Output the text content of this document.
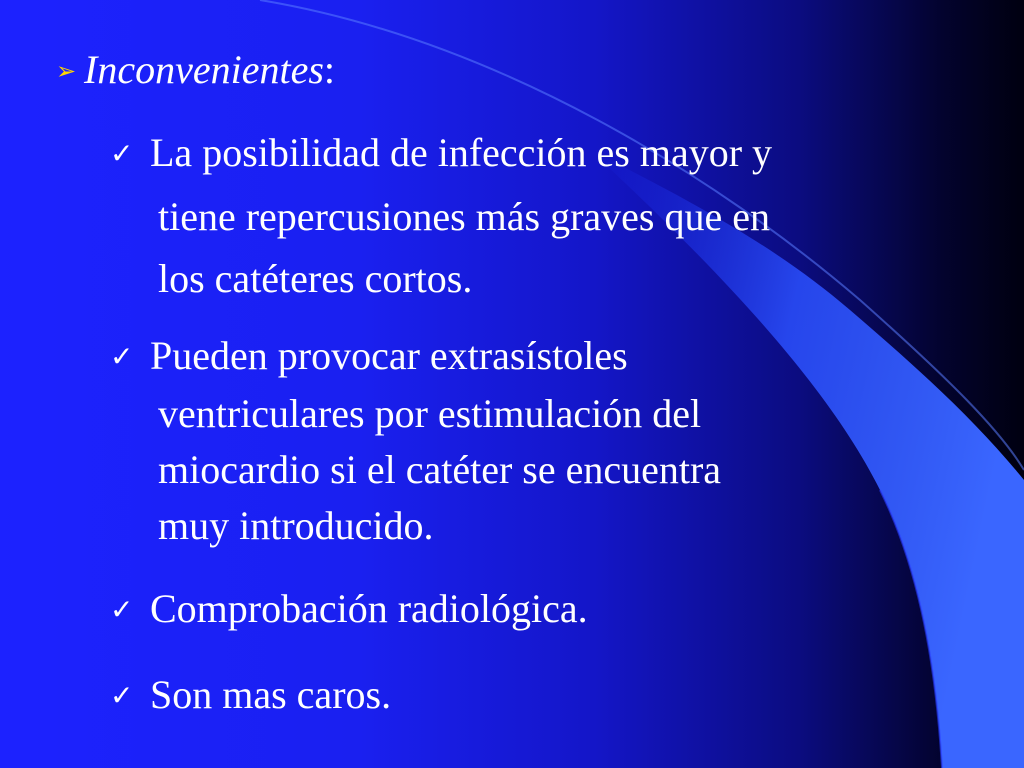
➢ Inconvenientes:
✓ La posibilidad de infección es mayor y
tiene repercusiones más graves que en
los catéteres cortos.
✓ Pueden provocar extrasístoles
ventriculares por estimulación del
miocardio si el catéter se encuentra
muy introducido.
✓ Comprobación radiológica.
✓ Son mas caros.
